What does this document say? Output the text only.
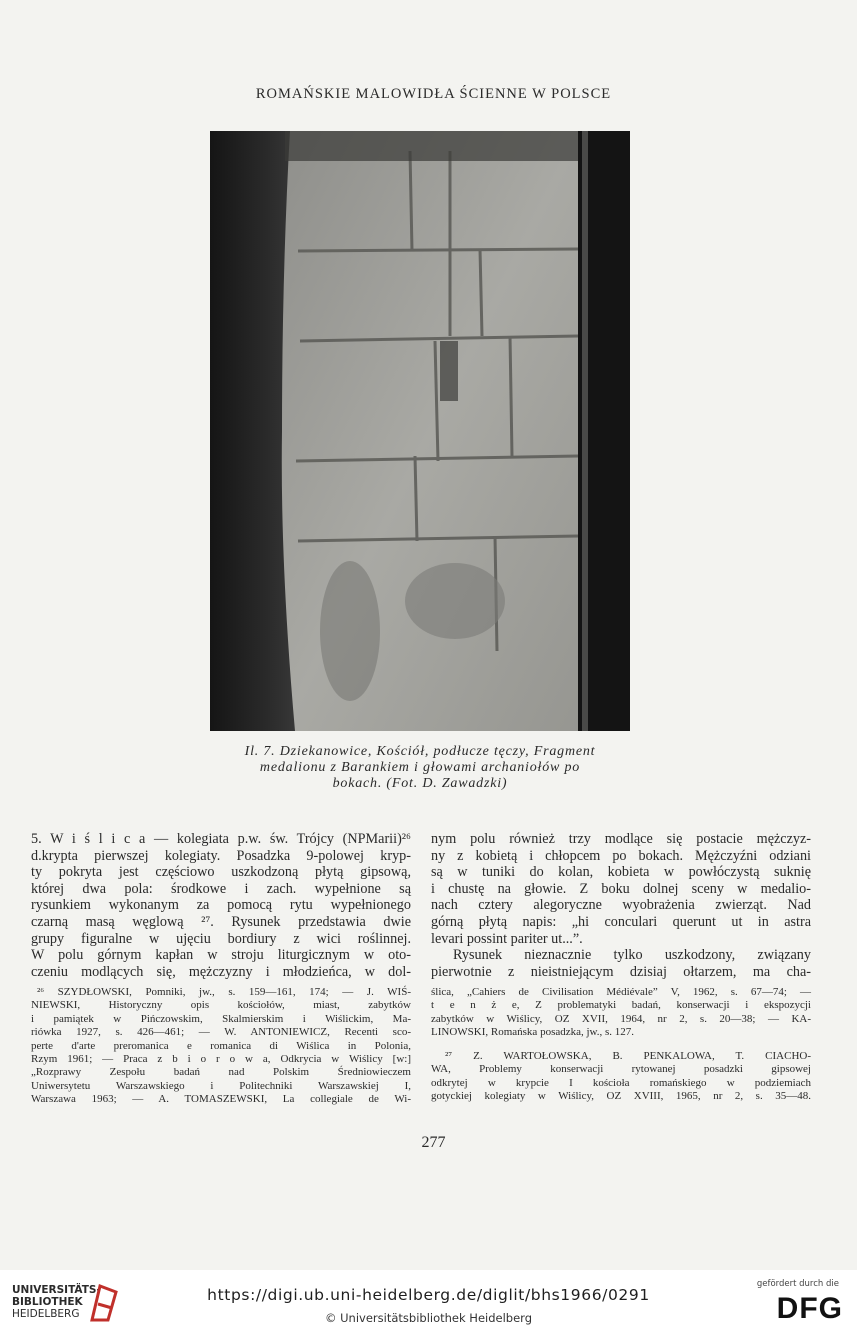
ROMAŃSKIE MALOWIDŁA ŚCIENNE W POLSCE
Il. 7. Dziekanowice, Kościół, podłucze tęczy, Fragment
medalionu z Barankiem i głowami archaniołów po
bokach. (Fot. D. Zawadzki)
5. W i ś l i c a — kolegiata p.w. św. Trójcy (NPMarii)²⁶
d.krypta pierwszej kolegiaty. Posadzka 9-polowej kryp-
ty pokryta jest częściowo uszkodzoną płytą gipsową,
której dwa pola: środkowe i zach. wypełnione są
rysunkiem wykonanym za pomocą rytu wypełnionego
czarną masą węglową ²⁷. Rysunek przedstawia dwie
grupy figuralne w ujęciu bordiury z wici roślinnej.
W polu górnym kapłan w stroju liturgicznym w oto-
czeniu modlących się, mężczyzny i młodzieńca, w dol-
nym polu również trzy modlące się postacie mężczyz-
ny z kobietą i chłopcem po bokach. Mężczyźni odziani
są w tuniki do kolan, kobieta w powłóczystą suknię
i chustę na głowie. Z boku dolnej sceny w medalio-
nach cztery alegoryczne wyobrażenia zwierząt. Nad
górną płytą napis: „hi conculari querunt ut in astra
levari possint pariter ut...”.
Rysunek nieznacznie tylko uszkodzony, związany
pierwotnie z nieistniejącym dzisiaj ołtarzem, ma cha-
²⁶ SZYDŁOWSKI, Pomniki, jw., s. 159—161, 174; — J. WIŚ-
NIEWSKI, Historyczny opis kościołów, miast, zabytków
i pamiątek w Pińczowskim, Skalmierskim i Wiślickim, Ma-
riówka 1927, s. 426—461; — W. ANTONIEWICZ, Recenti sco-
perte d'arte preromanica e romanica di Wiślica in Polonia,
Rzym 1961; — Praca z b i o r o w a, Odkrycia w Wiślicy [w:]
„Rozprawy Zespołu badań nad Polskim Średniowieczem
Uniwersytetu Warszawskiego i Politechniki Warszawskiej I,
Warszawa 1963; — A. TOMASZEWSKI, La collegiale de Wi-
ślica, „Cahiers de Civilisation Médiévale” V, 1962, s. 67—74; —
t e n ż e, Z problematyki badań, konserwacji i ekspozycji
zabytków w Wiślicy, OZ XVII, 1964, nr 2, s. 20—38; — KA-
LINOWSKI, Romańska posadzka, jw., s. 127.
²⁷ Z. WARTOŁOWSKA, B. PENKALOWA, T. CIACHO-
WA, Problemy konserwacji rytowanej posadzki gipsowej
odkrytej w krypcie I kościoła romańskiego w podziemiach
gotyckiej kolegiaty w Wiślicy, OZ XVIII, 1965, nr 2, s. 35—48.
277
UNIVERSITÄTS-
BIBLIOTHEK
HEIDELBERG
https://digi.ub.uni-heidelberg.de/diglit/bhs1966/0291
© Universitätsbibliothek Heidelberg
gefördert durch die
DFG
